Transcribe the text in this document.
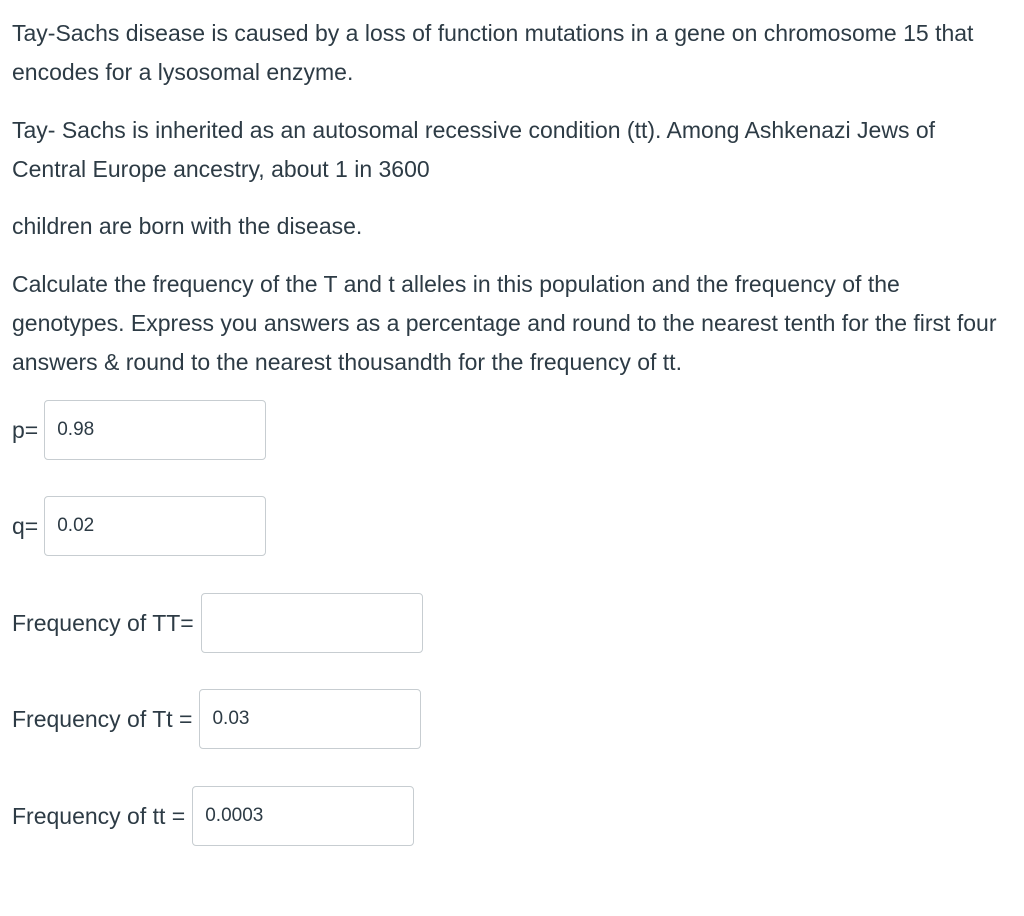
Tay-Sachs disease is caused by a loss of function mutations in a gene on chromosome 15 that encodes for a lysosomal enzyme.

Tay- Sachs is inherited as an autosomal recessive condition (tt). Among Ashkenazi Jews of Central Europe ancestry, about 1 in 3600

children are born with the disease.

Calculate the frequency of the T and t alleles in this population and the frequency of the genotypes. Express you answers as a percentage and round to the nearest tenth for the first four answers & round to the nearest thousandth for the frequency of tt.

p=
0.98
q=
0.02
Frequency of TT=
Frequency of Tt =
0.03
Frequency of tt =
0.0003
